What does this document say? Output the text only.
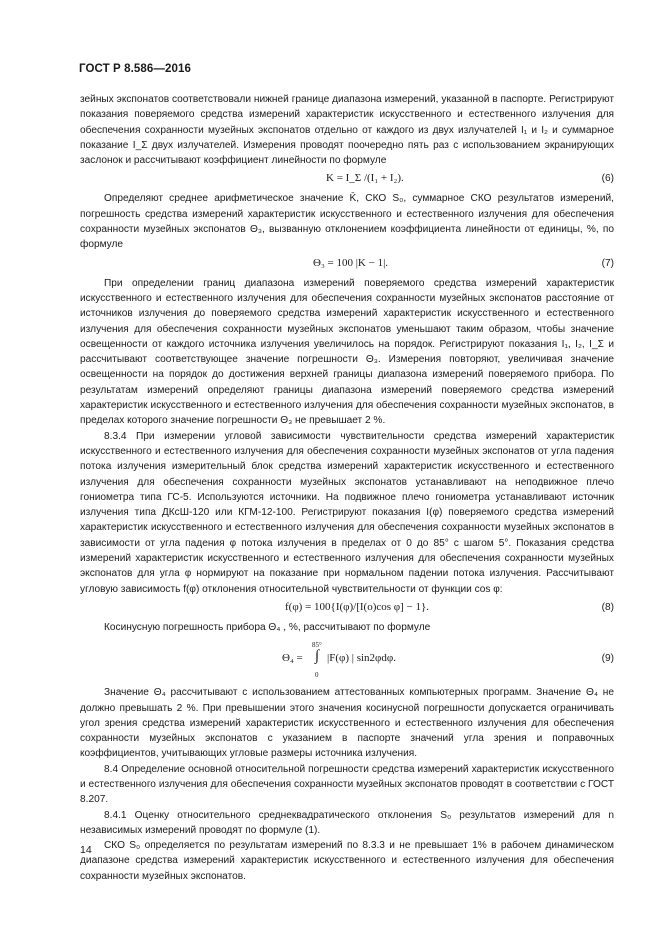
ГОСТ Р 8.586—2016

зейных экспонатов соответствовали нижней границе диапазона измерений, указанной в паспорте. Регистрируют показания поверяемого средства измерений характеристик искусственного и естественного излучения для обеспечения сохранности музейных экспонатов отдельно от каждого из двух излучателей I₁ и I₂ и суммарное показание I_Σ двух излучателей. Измерения проводят поочередно пять раз с использованием экранирующих заслонок и рассчитывают коэффициент линейности по формуле

K = I_Σ /(I₁ + I₂).	(6)

Определяют среднее арифметическое значение K̄, СКО S₀, суммарное СКО результатов измерений, погрешность средства измерений характеристик искусственного и естественного излучения для обеспечения сохранности музейных экспонатов Θ₃, вызванную отклонением коэффициента линейности от единицы, %, по формуле

Θ₃ = 100 |K − 1|.	(7)

При определении границ диапазона измерений поверяемого средства измерений характеристик искусственного и естественного излучения для обеспечения сохранности музейных экспонатов расстояние от источников излучения до поверяемого средства измерений характеристик искусственного и естественного излучения для обеспечения сохранности музейных экспонатов уменьшают таким образом, чтобы значение освещенности от каждого источника излучения увеличилось на порядок. Регистрируют показания I₁, I₂, I_Σ и рассчитывают соответствующее значение погрешности Θ₃. Измерения повторяют, увеличивая значение освещенности на порядок до достижения верхней границы диапазона измерений поверяемого прибора. По результатам измерений определяют границы диапазона измерений поверяемого средства измерений характеристик искусственного и естественного излучения для обеспечения сохранности музейных экспонатов, в пределах которого значение погрешности Θ₃ не превышает 2 %.

8.3.4 При измерении угловой зависимости чувствительности средства измерений характеристик искусственного и естественного излучения для обеспечения сохранности музейных экспонатов от угла падения потока излучения измерительный блок средства измерений характеристик искусственного и естественного излучения для обеспечения сохранности музейных экспонатов устанавливают на неподвижное плечо гониометра типа ГС-5. Используются источники. На подвижное плечо гониометра устанавливают источник излучения типа ДКсШ-120 или КГМ-12-100. Регистрируют показания I(φ) поверяемого средства измерений характеристик искусственного и естественного излучения для обеспечения сохранности музейных экспонатов в зависимости от угла падения φ потока излучения в пределах от 0 до 85° с шагом 5°. Показания средства измерений характеристик искусственного и естественного излучения для обеспечения сохранности музейных экспонатов для угла φ нормируют на показание при нормальном падении потока излучения. Рассчитывают угловую зависимость f(φ) отклонения относительной чувствительности от функции cos φ:

f(φ) = 100{I(φ)/[I(o)cos φ] − 1}.	(8)

Косинусную погрешность прибора Θ₄ , %, рассчитывают по формуле

Θ₄ =
85°
∫
0
|F(φ) | sin2φdφ.	(9)

Значение Θ₄ рассчитывают с использованием аттестованных компьютерных программ. Значение Θ₄ не должно превышать 2 %. При превышении этого значения косинусной погрешности допускается ограничивать угол зрения средства измерений характеристик искусственного и естественного излучения для обеспечения сохранности музейных экспонатов с указанием в паспорте значений угла зрения и поправочных коэффициентов, учитывающих угловые размеры источника излучения.

8.4 Определение основной относительной погрешности средства измерений характеристик искусственного и естественного излучения для обеспечения сохранности музейных экспонатов проводят в соответствии с ГОСТ 8.207.

8.4.1 Оценку относительного среднеквадратического отклонения S₀ результатов измерений для n независимых измерений проводят по формуле (1).

СКО S₀ определяется по результатам измерений по 8.3.3 и не превышает 1% в рабочем динамическом диапазоне средства измерений характеристик искусственного и естественного излучения для обеспечения сохранности музейных экспонатов.

14
